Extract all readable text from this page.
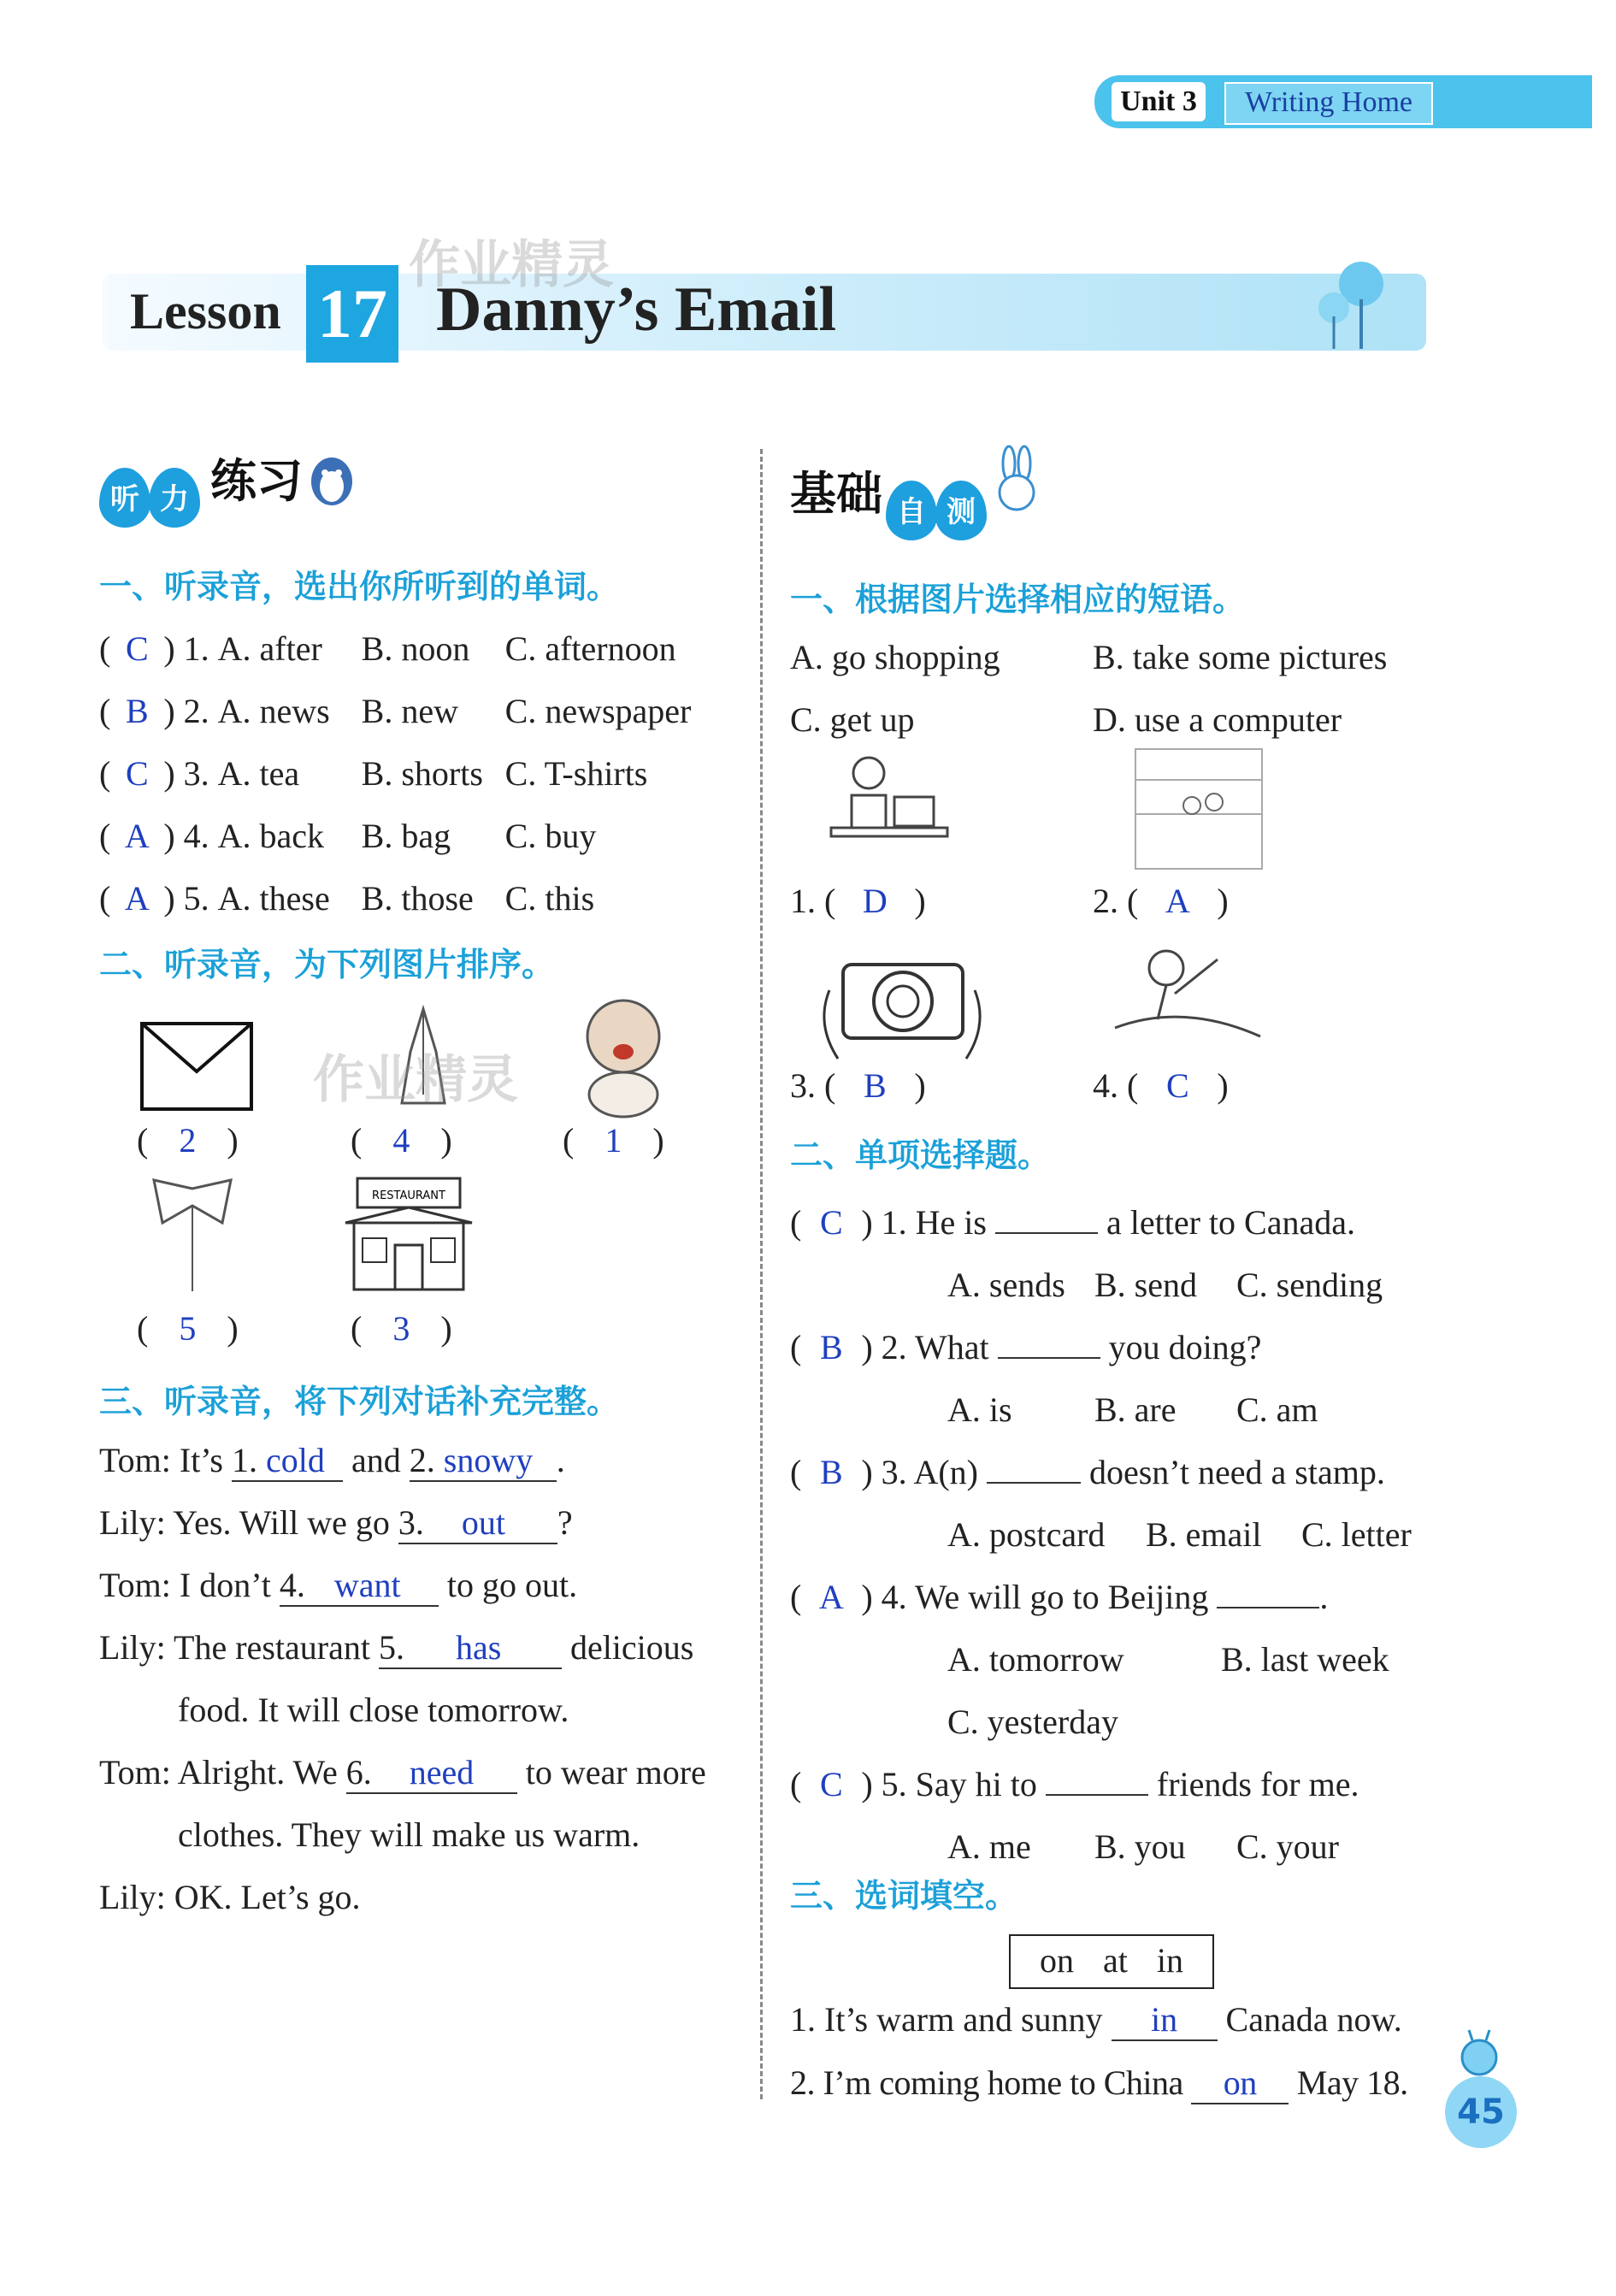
Unit 3	Writing Home
作业精灵
Lesson 17 Danny’s Email
听 力 练习
一、听录音，选出你所听到的单词。
( C ) 1. A. after B. noon C. afternoon
( B ) 2. A. news B. new C. newspaper
( C ) 3. A. tea B. shorts C. T-shirts
( A ) 4. A. back B. bag C. buy
( A ) 5. A. these B. those C. this
二、听录音，为下列图片排序。
作业精灵
( 2 )	( 4 )	( 1 )
RESTAURANT
( 5 )	( 3 )
三、听录音，将下列对话补充完整。
Tom: It’s 1. cold and 2. snowy .
Lily: Yes. Will we go 3. out ?
Tom: I don’t 4. want to go out.
Lily: The restaurant 5. has delicious
food. It will close tomorrow.
Tom: Alright. We 6. need to wear more
clothes. They will make us warm.
Lily: OK. Let’s go.
基础 自 测
一、根据图片选择相应的短语。
A. go shopping	B. take some pictures
C. get up	D. use a computer
1. ( D )	2. ( A )
3. ( B )	4. ( C )
二、单项选择题。
( C ) 1. He is	a letter to Canada.
A. sends B. send C. sending
( B ) 2. What	you doing?
A. is B. are C. am
( B ) 3. A(n)	doesn’t need a stamp.
A. postcard B. email C. letter
( A ) 4. We will go to Beijing	.
A. tomorrow	B. last week
C. yesterday
( C ) 5. Say hi to	friends for me.
A. me B. you C. your
三、选词填空。
on at in
1. It’s warm and sunny in Canada now.
2. I’m coming home to China on May 18.
45
